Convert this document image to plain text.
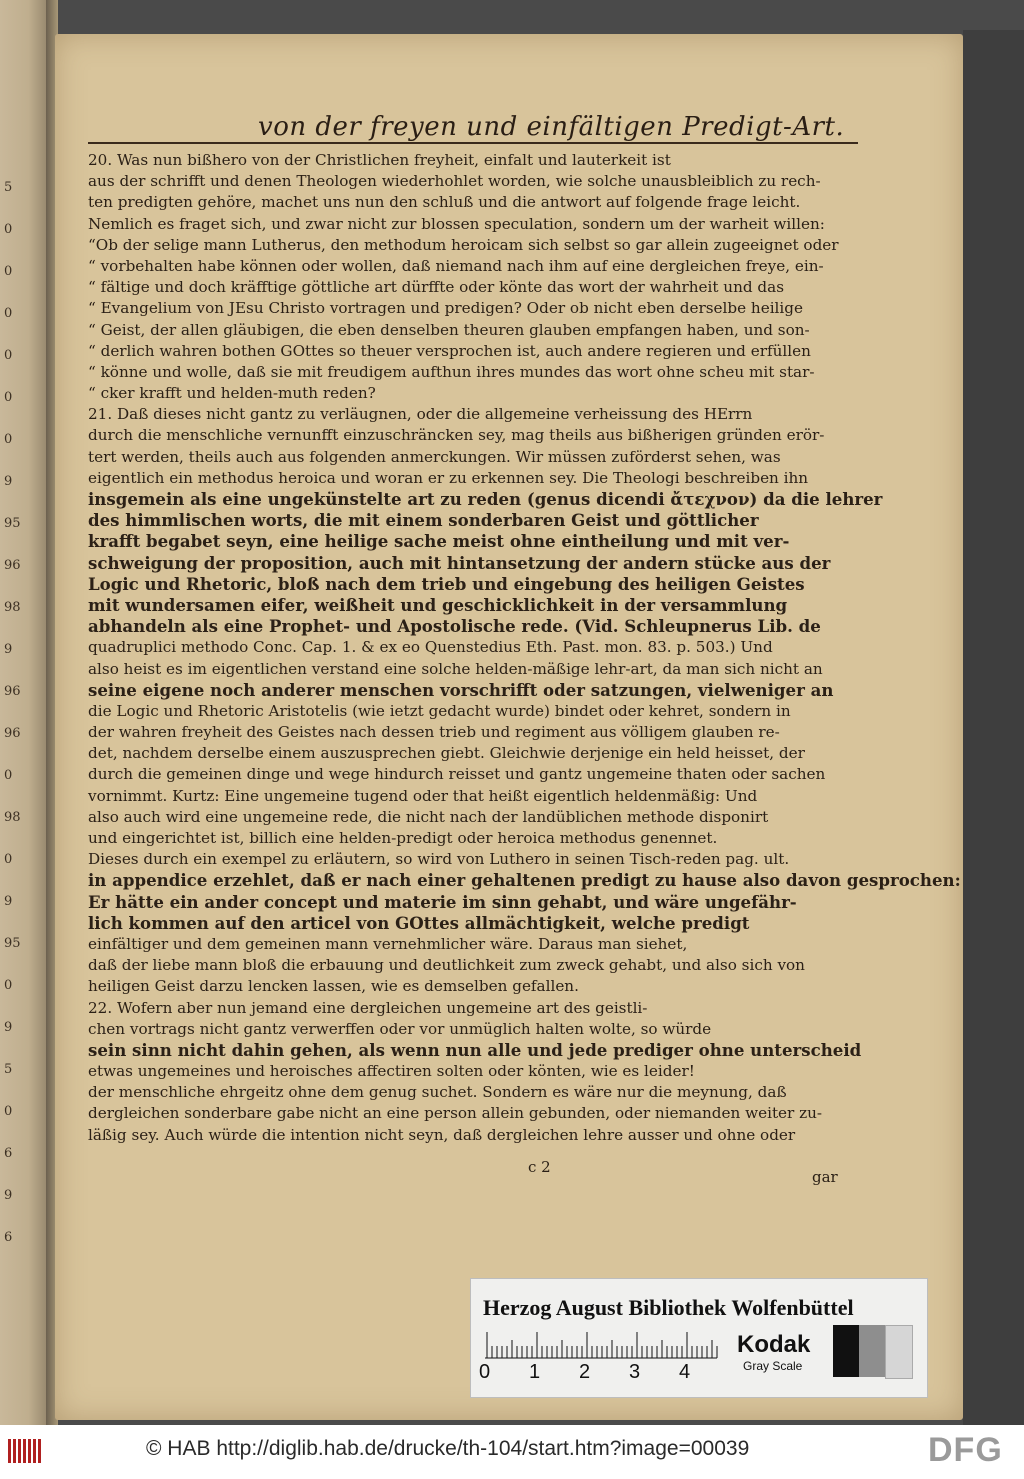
5
0
0
0
0
0
0
9
95
96
98
9
96
96
0
98
0
9
95
0
9
5
0
6
9
6
von der freyen und einfältigen Predigt-Art.
20. Was nun bißhero von der Christlichen freyheit, einfalt und lauterkeit ist
aus der schrifft und denen Theologen wiederhohlet worden, wie solche unausbleiblich zu rech-
ten predigten gehöre, machet uns nun den schluß und die antwort auf folgende frage leicht.
Nemlich es fraget sich, und zwar nicht zur blossen speculation, sondern um der warheit willen:
“Ob der selige mann Lutherus, den methodum heroicam sich selbst so gar allein zugeeignet oder
“ vorbehalten habe können oder wollen, daß niemand nach ihm auf eine dergleichen freye, ein-
“ fältige und doch kräfftige göttliche art dürffte oder könte das wort der wahrheit und das
“ Evangelium von JEsu Christo vortragen und predigen? Oder ob nicht eben derselbe heilige
“ Geist, der allen gläubigen, die eben denselben theuren glauben empfangen haben, und son-
“ derlich wahren bothen GOttes so theuer versprochen ist, auch andere regieren und erfüllen
“ könne und wolle, daß sie mit freudigem aufthun ihres mundes das wort ohne scheu mit star-
“ cker krafft und helden-muth reden?
21. Daß dieses nicht gantz zu verläugnen, oder die allgemeine verheissung des HErrn
durch die menschliche vernunfft einzuschräncken sey, mag theils aus bißherigen gründen erör-
tert werden, theils auch aus folgenden anmerckungen. Wir müssen zuförderst sehen, was
eigentlich ein methodus heroica und woran er zu erkennen sey. Die Theologi beschreiben ihn
insgemein als eine ungekünstelte art zu reden (genus dicendi ἄτεχνον) da die lehrer
des himmlischen worts, die mit einem sonderbaren Geist und göttlicher
krafft begabet seyn, eine heilige sache meist ohne eintheilung und mit ver-
schweigung der proposition, auch mit hintansetzung der andern stücke aus der
Logic und Rhetoric, bloß nach dem trieb und eingebung des heiligen Geistes
mit wundersamen eifer, weißheit und geschicklichkeit in der versammlung
abhandeln als eine Prophet- und Apostolische rede. (Vid. Schleupnerus Lib. de
quadruplici methodo Conc. Cap. 1. & ex eo Quenstedius Eth. Past. mon. 83. p. 503.) Und
also heist es im eigentlichen verstand eine solche helden-mäßige lehr-art, da man sich nicht an
seine eigene noch anderer menschen vorschrifft oder satzungen, vielweniger an
die Logic und Rhetoric Aristotelis (wie ietzt gedacht wurde) bindet oder kehret, sondern in
der wahren freyheit des Geistes nach dessen trieb und regiment aus völligem glauben re-
det, nachdem derselbe einem auszusprechen giebt. Gleichwie derjenige ein held heisset, der
durch die gemeinen dinge und wege hindurch reisset und gantz ungemeine thaten oder sachen
vornimmt. Kurtz: Eine ungemeine tugend oder that heißt eigentlich heldenmäßig: Und
also auch wird eine ungemeine rede, die nicht nach der landüblichen methode disponirt
und eingerichtet ist, billich eine helden-predigt oder heroica methodus genennet.
Dieses durch ein exempel zu erläutern, so wird von Luthero in seinen Tisch-reden pag. ult.
in appendice erzehlet, daß er nach einer gehaltenen predigt zu hause also davon gesprochen:
Er hätte ein ander concept und materie im sinn gehabt, und wäre ungefähr-
lich kommen auf den articel von GOttes allmächtigkeit, welche predigt
einfältiger und dem gemeinen mann vernehmlicher wäre. Daraus man siehet,
daß der liebe mann bloß die erbauung und deutlichkeit zum zweck gehabt, und also sich von
heiligen Geist darzu lencken lassen, wie es demselben gefallen.
22. Wofern aber nun jemand eine dergleichen ungemeine art des geistli-
chen vortrags nicht gantz verwerffen oder vor unmüglich halten wolte, so würde
sein sinn nicht dahin gehen, als wenn nun alle und jede prediger ohne unterscheid
etwas ungemeines und heroisches affectiren solten oder könten, wie es leider!
der menschliche ehrgeitz ohne dem genug suchet. Sondern es wäre nur die meynung, daß
dergleichen sonderbare gabe nicht an eine person allein gebunden, oder niemanden weiter zu-
läßig sey. Auch würde die intention nicht seyn, daß dergleichen lehre ausser und ohne oder
c 2
gar
Herzog August Bibliothek Wolfenbüttel
0 1 2 3 4
Kodak
Gray Scale
© HAB http://diglib.hab.de/drucke/th-104/start.htm?image=00039	DFG
